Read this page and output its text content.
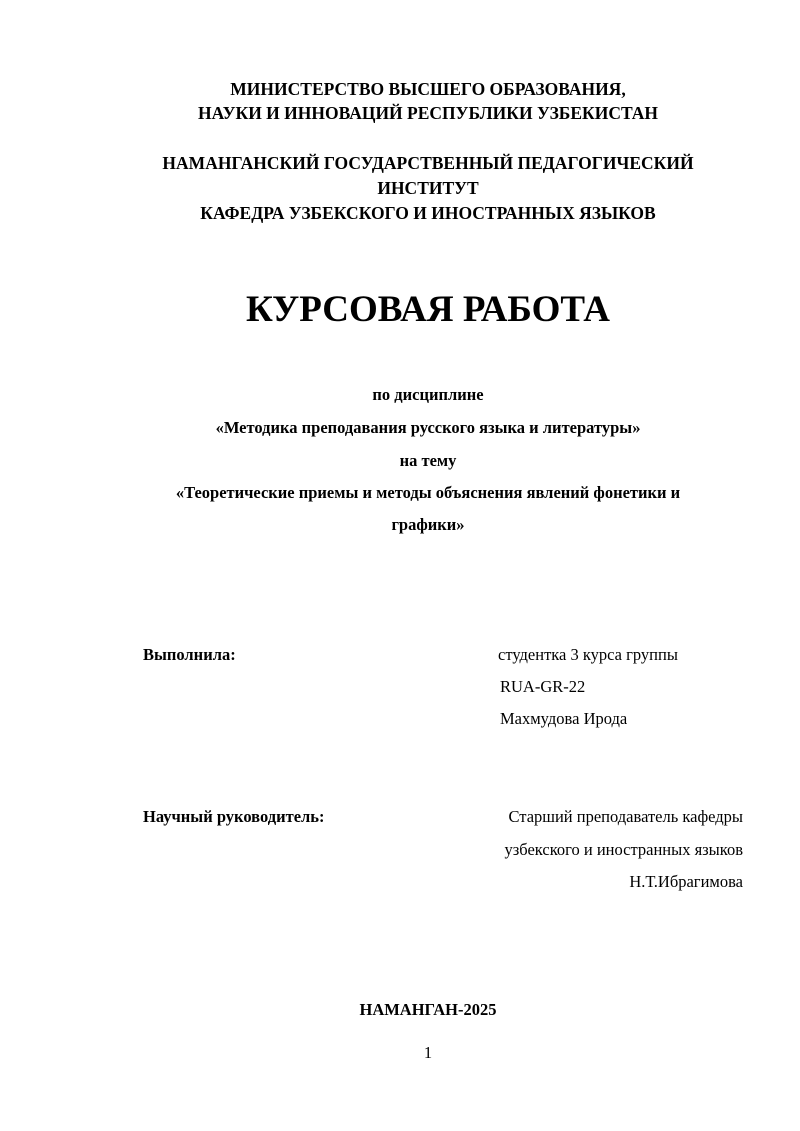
МИНИСТЕРСТВО ВЫСШЕГО ОБРАЗОВАНИЯ,
НАУКИ И ИННОВАЦИЙ РЕСПУБЛИКИ УЗБЕКИСТАН
НАМАНГАНСКИЙ ГОСУДАРСТВЕННЫЙ ПЕДАГОГИЧЕСКИЙ
ИНСТИТУТ
КАФЕДРА УЗБЕКСКОГО И ИНОСТРАННЫХ ЯЗЫКОВ
КУРСОВАЯ РАБОТА
по дисциплине
«Методика преподавания русского языка и литературы»
на тему
«Теоретические приемы и методы объяснения явлений фонетики и
графики»
Выполнила:	студентка 3 курса группы
RUA-GR-22
Махмудова Ирода
Научный руководитель:	Старший преподаватель кафедры
узбекского и иностранных языков
Н.Т.Ибрагимова
НАМАНГАН-2025
1
